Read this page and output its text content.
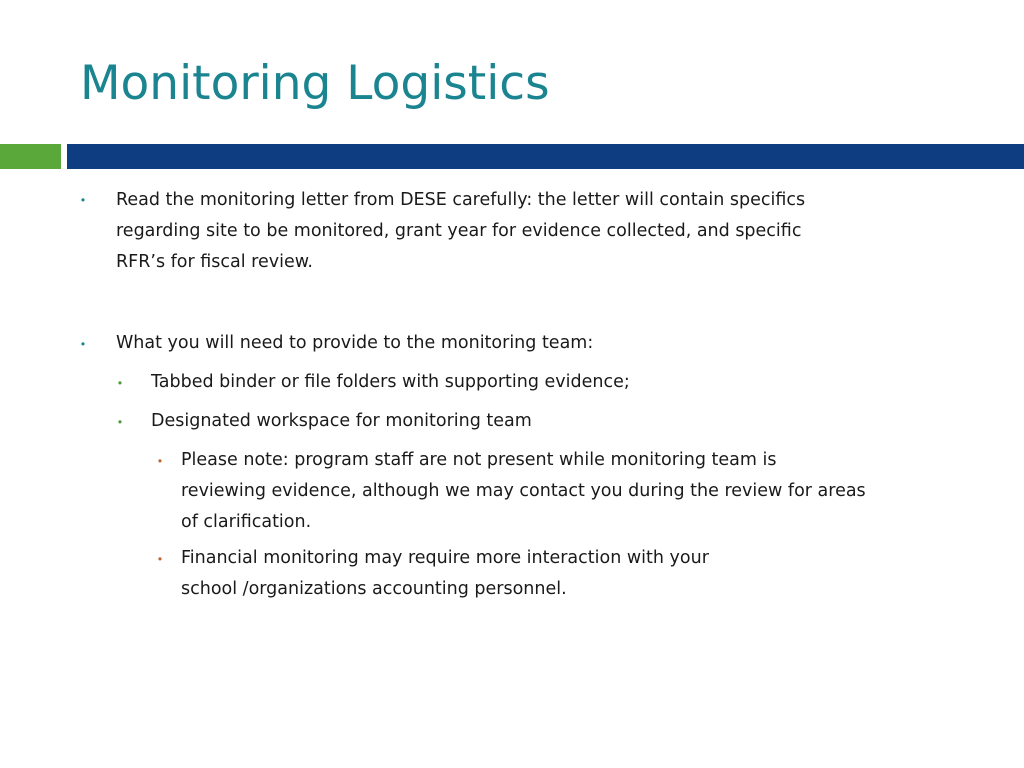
Monitoring Logistics
• Read the monitoring letter from DESE carefully: the letter will contain specifics
regarding site to be monitored, grant year for evidence collected, and specific
RFR’s for fiscal review.
• What you will need to provide to the monitoring team:
• Tabbed binder or file folders with supporting evidence;
• Designated workspace for monitoring team
• Please note: program staff are not present while monitoring team is
reviewing evidence, although we may contact you during the review for areas
of clarification.
• Financial monitoring may require more interaction with your
school /organizations accounting personnel.
